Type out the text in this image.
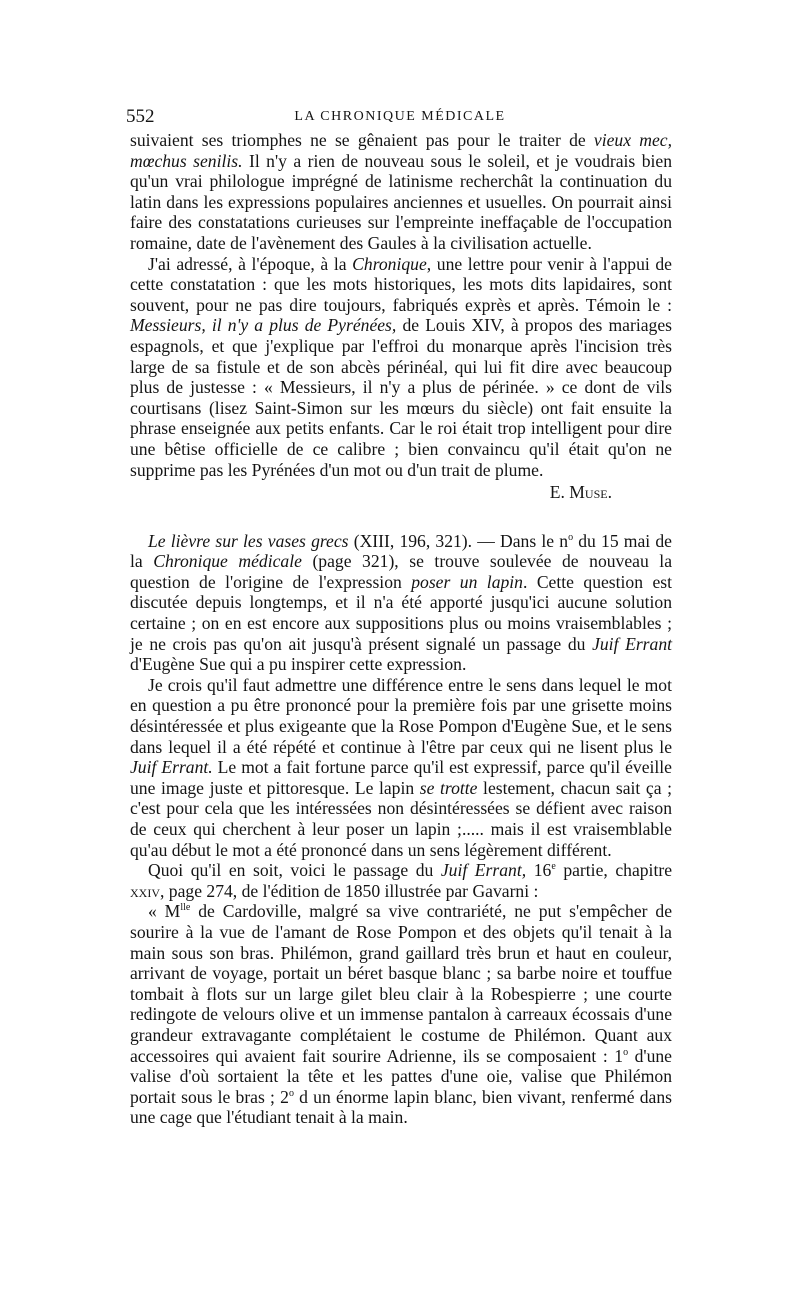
552	LA CHRONIQUE MÉDICALE

suivaient ses triomphes ne se gênaient pas pour le traiter de vieux mec, mœchus senilis. Il n'y a rien de nouveau sous le soleil, et je voudrais bien qu'un vrai philologue imprégné de latinisme recherchât la continuation du latin dans les expressions populaires anciennes et usuelles. On pourrait ainsi faire des constatations curieuses sur l'empreinte ineffaçable de l'occupation romaine, date de l'avènement des Gaules à la civilisation actuelle.

J'ai adressé, à l'époque, à la Chronique, une lettre pour venir à l'appui de cette constatation : que les mots historiques, les mots dits lapidaires, sont souvent, pour ne pas dire toujours, fabriqués exprès et après. Témoin le : Messieurs, il n'y a plus de Pyrénées, de Louis XIV, à propos des mariages espagnols, et que j'explique par l'effroi du monarque après l'incision très large de sa fistule et de son abcès périnéal, qui lui fit dire avec beaucoup plus de justesse : « Messieurs, il n'y a plus de périnée. » ce dont de vils courtisans (lisez Saint-Simon sur les mœurs du siècle) ont fait ensuite la phrase enseignée aux petits enfants. Car le roi était trop intelligent pour dire une bêtise officielle de ce calibre ; bien convaincu qu'il était qu'on ne supprime pas les Pyrénées d'un mot ou d'un trait de plume.

E. Muse.

Le lièvre sur les vases grecs (XIII, 196, 321). — Dans le $n^o$ du 15 mai de la Chronique médicale (page 321), se trouve soulevée de nouveau la question de l'origine de l'expression poser un lapin. Cette question est discutée depuis longtemps, et il n'a été apporté jusqu'ici aucune solution certaine ; on en est encore aux suppositions plus ou moins vraisemblables ; je ne crois pas qu'on ait jusqu'à présent signalé un passage du Juif Errant d'Eugène Sue qui a pu inspirer cette expression.

Je crois qu'il faut admettre une différence entre le sens dans lequel le mot en question a pu être prononcé pour la première fois par une grisette moins désintéressée et plus exigeante que la Rose Pompon d'Eugène Sue, et le sens dans lequel il a été répété et continue à l'être par ceux qui ne lisent plus le Juif Errant. Le mot a fait fortune parce qu'il est expressif, parce qu'il éveille une image juste et pittoresque. Le lapin se trotte lestement, chacun sait ça ; c'est pour cela que les intéressées non désintéressées se défient avec raison de ceux qui cherchent à leur poser un lapin ;..... mais il est vraisemblable qu'au début le mot a été prononcé dans un sens légèrement différent.

Quoi qu'il en soit, voici le passage du Juif Errant, 16e partie, chapitre xxiv, page 274, de l'édition de 1850 illustrée par Gavarni :

« $M^{lle}$ de Cardoville, malgré sa vive contrariété, ne put s'empêcher de sourire à la vue de l'amant de Rose Pompon et des objets qu'il tenait à la main sous son bras. Philémon, grand gaillard très brun et haut en couleur, arrivant de voyage, portait un béret basque blanc ; sa barbe noire et touffue tombait à flots sur un large gilet bleu clair à la Robespierre ; une courte redingote de velours olive et un immense pantalon à carreaux écossais d'une grandeur extravagante complétaient le costume de Philémon. Quant aux accessoires qui avaient fait sourire Adrienne, ils se composaient : 1$^o$ d'une valise d'où sortaient la tête et les pattes d'une oie, valise que Philémon portait sous le bras ; 2$^o$ d un énorme lapin blanc, bien vivant, renfermé dans une cage que l'étudiant tenait à la main.
